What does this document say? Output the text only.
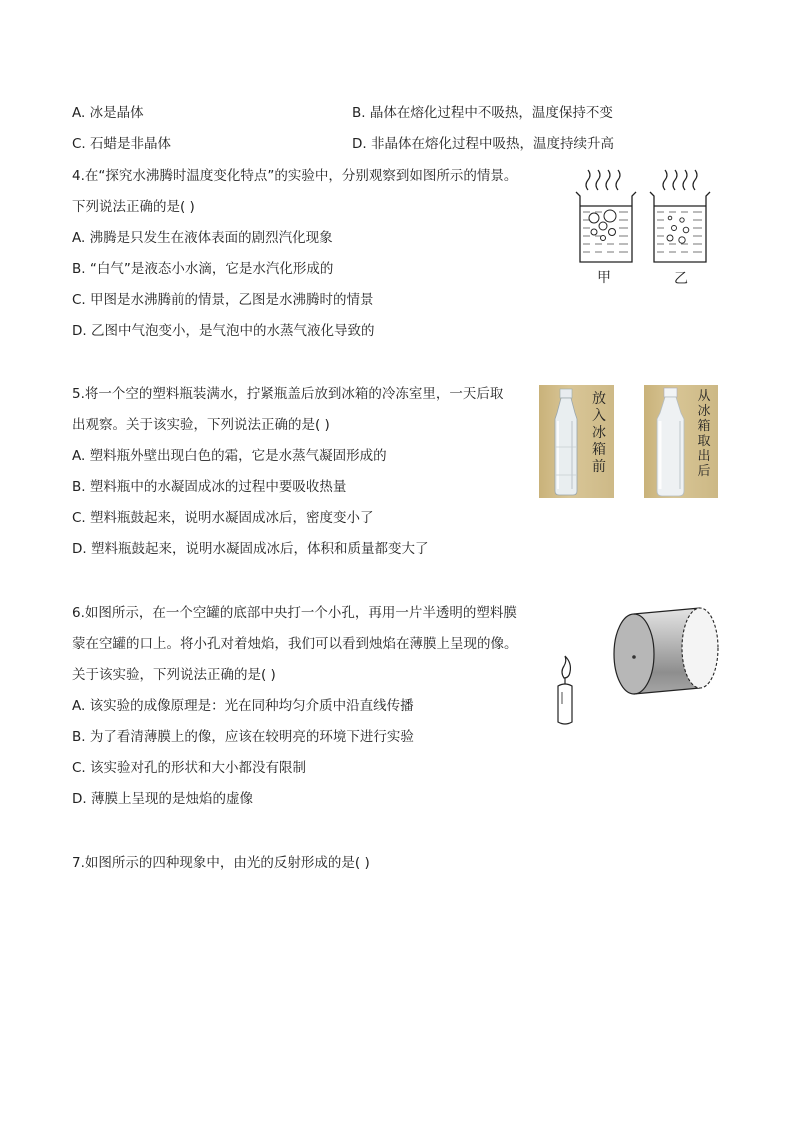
A. 冰是晶体	B. 晶体在熔化过程中不吸热，温度保持不变
C. 石蜡是非晶体	D. 非晶体在熔化过程中吸热，温度持续升高
4.在“探究水沸腾时温度变化特点”的实验中，分别观察到如图所示的情景。
下列说法正确的是( )
A. 沸腾是只发生在液体表面的剧烈汽化现象
B. “白气”是液态小水滴，它是水汽化形成的
C. 甲图是水沸腾前的情景，乙图是水沸腾时的情景
D. 乙图中气泡变小，是气泡中的水蒸气液化导致的
甲	乙
5.将一个空的塑料瓶装满水，拧紧瓶盖后放到冰箱的冷冻室里，一天后取
出观察。关于该实验，下列说法正确的是( )
A. 塑料瓶外壁出现白色的霜，它是水蒸气凝固形成的
B. 塑料瓶中的水凝固成冰的过程中要吸收热量
C. 塑料瓶鼓起来，说明水凝固成冰后，密度变小了
D. 塑料瓶鼓起来，说明水凝固成冰后，体积和质量都变大了
放入冰箱前
从冰箱取出后
6.如图所示，在一个空罐的底部中央打一个小孔，再用一片半透明的塑料膜
蒙在空罐的口上。将小孔对着烛焰，我们可以看到烛焰在薄膜上呈现的像。
关于该实验，下列说法正确的是( )
A. 该实验的成像原理是：光在同种均匀介质中沿直线传播
B. 为了看清薄膜上的像，应该在较明亮的环境下进行实验
C. 该实验对孔的形状和大小都没有限制
D. 薄膜上呈现的是烛焰的虚像
7.如图所示的四种现象中，由光的反射形成的是( )
